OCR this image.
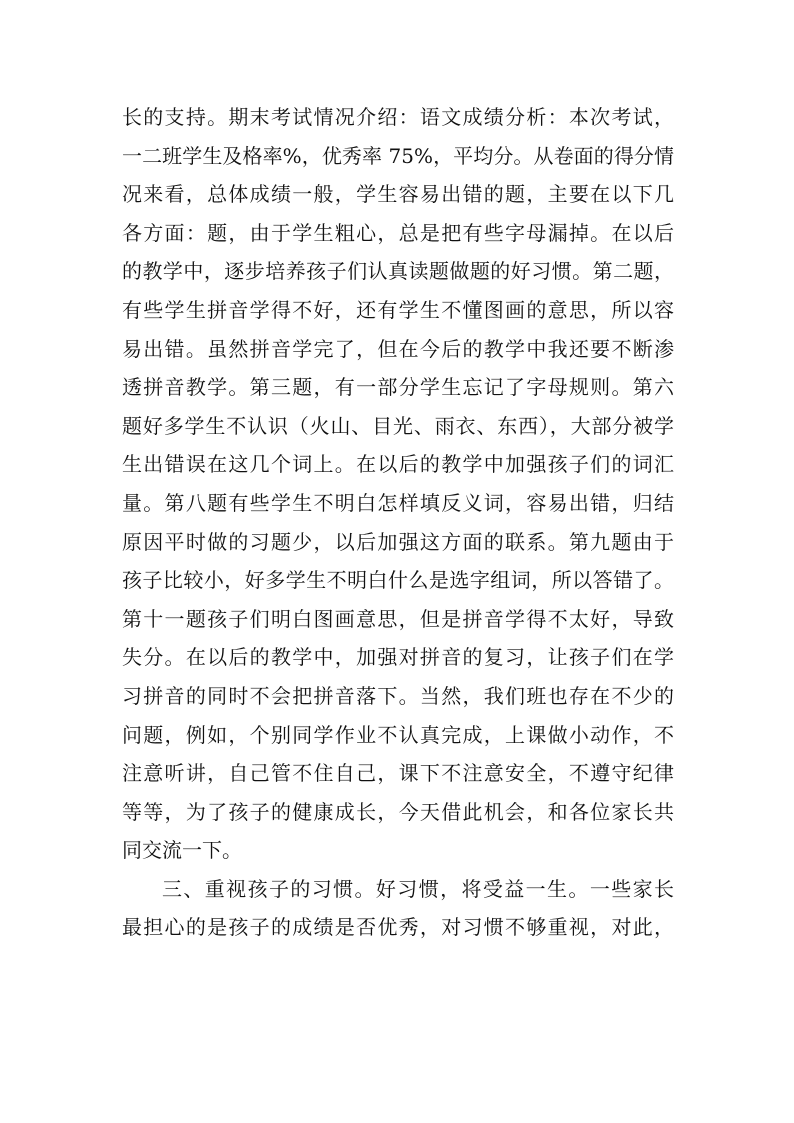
长的支持。期末考试情况介绍：语文成绩分析：本次考试，
一二班学生及格率%，优秀率 75%，平均分。从卷面的得分情
况来看，总体成绩一般，学生容易出错的题，主要在以下几
各方面：题，由于学生粗心，总是把有些字母漏掉。在以后
的教学中，逐步培养孩子们认真读题做题的好习惯。第二题，
有些学生拼音学得不好，还有学生不懂图画的意思，所以容
易出错。虽然拼音学完了，但在今后的教学中我还要不断渗
透拼音教学。第三题，有一部分学生忘记了字母规则。第六
题好多学生不认识（火山、目光、雨衣、东西），大部分被学
生出错误在这几个词上。在以后的教学中加强孩子们的词汇
量。第八题有些学生不明白怎样填反义词，容易出错，归结
原因平时做的习题少，以后加强这方面的联系。第九题由于
孩子比较小，好多学生不明白什么是选字组词，所以答错了。
第十一题孩子们明白图画意思，但是拼音学得不太好，导致
失分。在以后的教学中，加强对拼音的复习，让孩子们在学
习拼音的同时不会把拼音落下。当然，我们班也存在不少的
问题，例如，个别同学作业不认真完成，上课做小动作，不
注意听讲，自己管不住自己，课下不注意安全，不遵守纪律
等等，为了孩子的健康成长，今天借此机会，和各位家长共
同交流一下。
三、重视孩子的习惯。好习惯，将受益一生。一些家长
最担心的是孩子的成绩是否优秀，对习惯不够重视，对此，
